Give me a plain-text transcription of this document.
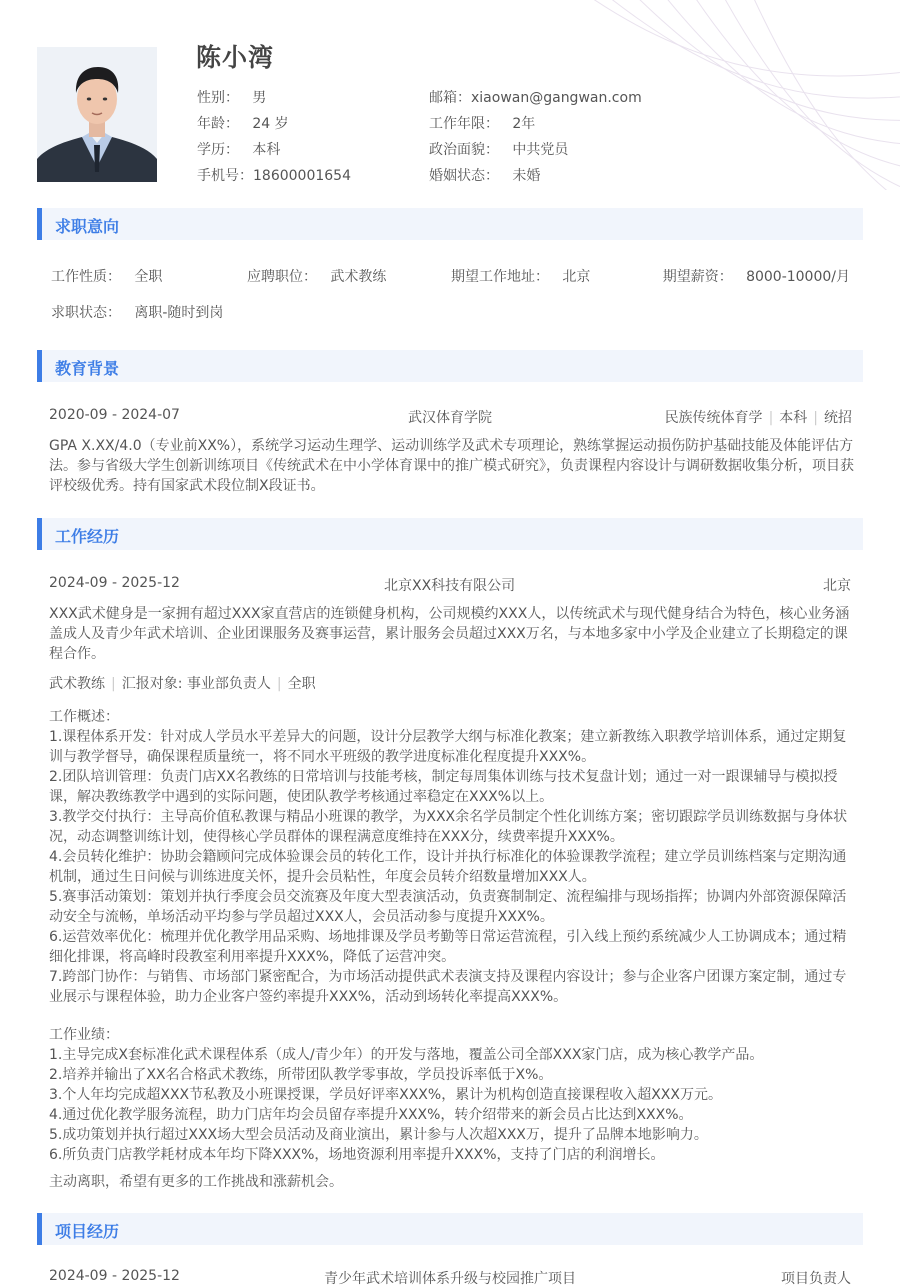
陈小湾
性别： 男
年龄： 24 岁
学历： 本科
手机号：18600001654
邮箱：xiaowan@gangwan.com
工作年限： 2年
政治面貌： 中共党员
婚姻状态： 未婚
求职意向
工作性质： 全职	应聘职位： 武术教练	期望工作地址： 北京	期望薪资： 8000-10000/月
求职状态： 离职-随时到岗
教育背景
2020-09 - 2024-07	武汉体育学院	民族传统体育学 | 本科 | 统招
GPA X.XX/4.0（专业前XX%），系统学习运动生理学、运动训练学及武术专项理论，熟练掌握运动损伤防护基础技能及体能评估方法。参与省级大学生创新训练项目《传统武术在中小学体育课中的推广模式研究》，负责课程内容设计与调研数据收集分析，项目获评校级优秀。持有国家武术段位制X段证书。
工作经历
2024-09 - 2025-12	北京XX科技有限公司	北京
XXX武术健身是一家拥有超过XXX家直营店的连锁健身机构，公司规模约XXX人，以传统武术与现代健身结合为特色，核心业务涵盖成人及青少年武术培训、企业团课服务及赛事运营，累计服务会员超过XXX万名，与本地多家中小学及企业建立了长期稳定的课程合作。
武术教练 | 汇报对象: 事业部负责人 | 全职
工作概述：
1.课程体系开发：针对成人学员水平差异大的问题，设计分层教学大纲与标准化教案；建立新教练入职教学培训体系，通过定期复训与教学督导，确保课程质量统一，将不同水平班级的教学进度标准化程度提升XXX%。
2.团队培训管理：负责门店XX名教练的日常培训与技能考核，制定每周集体训练与技术复盘计划；通过一对一跟课辅导与模拟授课，解决教练教学中遇到的实际问题，使团队教学考核通过率稳定在XXX%以上。
3.教学交付执行：主导高价值私教课与精品小班课的教学，为XXX余名学员制定个性化训练方案；密切跟踪学员训练数据与身体状况，动态调整训练计划，使得核心学员群体的课程满意度维持在XXX分，续费率提升XXX%。
4.会员转化维护：协助会籍顾问完成体验课会员的转化工作，设计并执行标准化的体验课教学流程；建立学员训练档案与定期沟通机制，通过生日问候与训练进度关怀，提升会员粘性，年度会员转介绍数量增加XXX人。
5.赛事活动策划：策划并执行季度会员交流赛及年度大型表演活动，负责赛制制定、流程编排与现场指挥；协调内外部资源保障活动安全与流畅，单场活动平均参与学员超过XXX人，会员活动参与度提升XXX%。
6.运营效率优化：梳理并优化教学用品采购、场地排课及学员考勤等日常运营流程，引入线上预约系统减少人工协调成本；通过精细化排课，将高峰时段教室利用率提升XXX%，降低了运营冲突。
7.跨部门协作：与销售、市场部门紧密配合，为市场活动提供武术表演支持及课程内容设计；参与企业客户团课方案定制，通过专业展示与课程体验，助力企业客户签约率提升XXX%，活动到场转化率提高XXX%。
工作业绩：
1.主导完成X套标准化武术课程体系（成人/青少年）的开发与落地，覆盖公司全部XXX家门店，成为核心教学产品。
2.培养并输出了XX名合格武术教练，所带团队教学零事故，学员投诉率低于X%。
3.个人年均完成超XXX节私教及小班课授课，学员好评率XXX%，累计为机构创造直接课程收入超XXX万元。
4.通过优化教学服务流程，助力门店年均会员留存率提升XXX%，转介绍带来的新会员占比达到XXX%。
5.成功策划并执行超过XXX场大型会员活动及商业演出，累计参与人次超XXX万，提升了品牌本地影响力。
6.所负责门店教学耗材成本年均下降XXX%，场地资源利用率提升XXX%，支持了门店的利润增长。
主动离职，希望有更多的工作挑战和涨薪机会。
项目经历
2024-09 - 2025-12	青少年武术培训体系升级与校园推广项目	项目负责人
